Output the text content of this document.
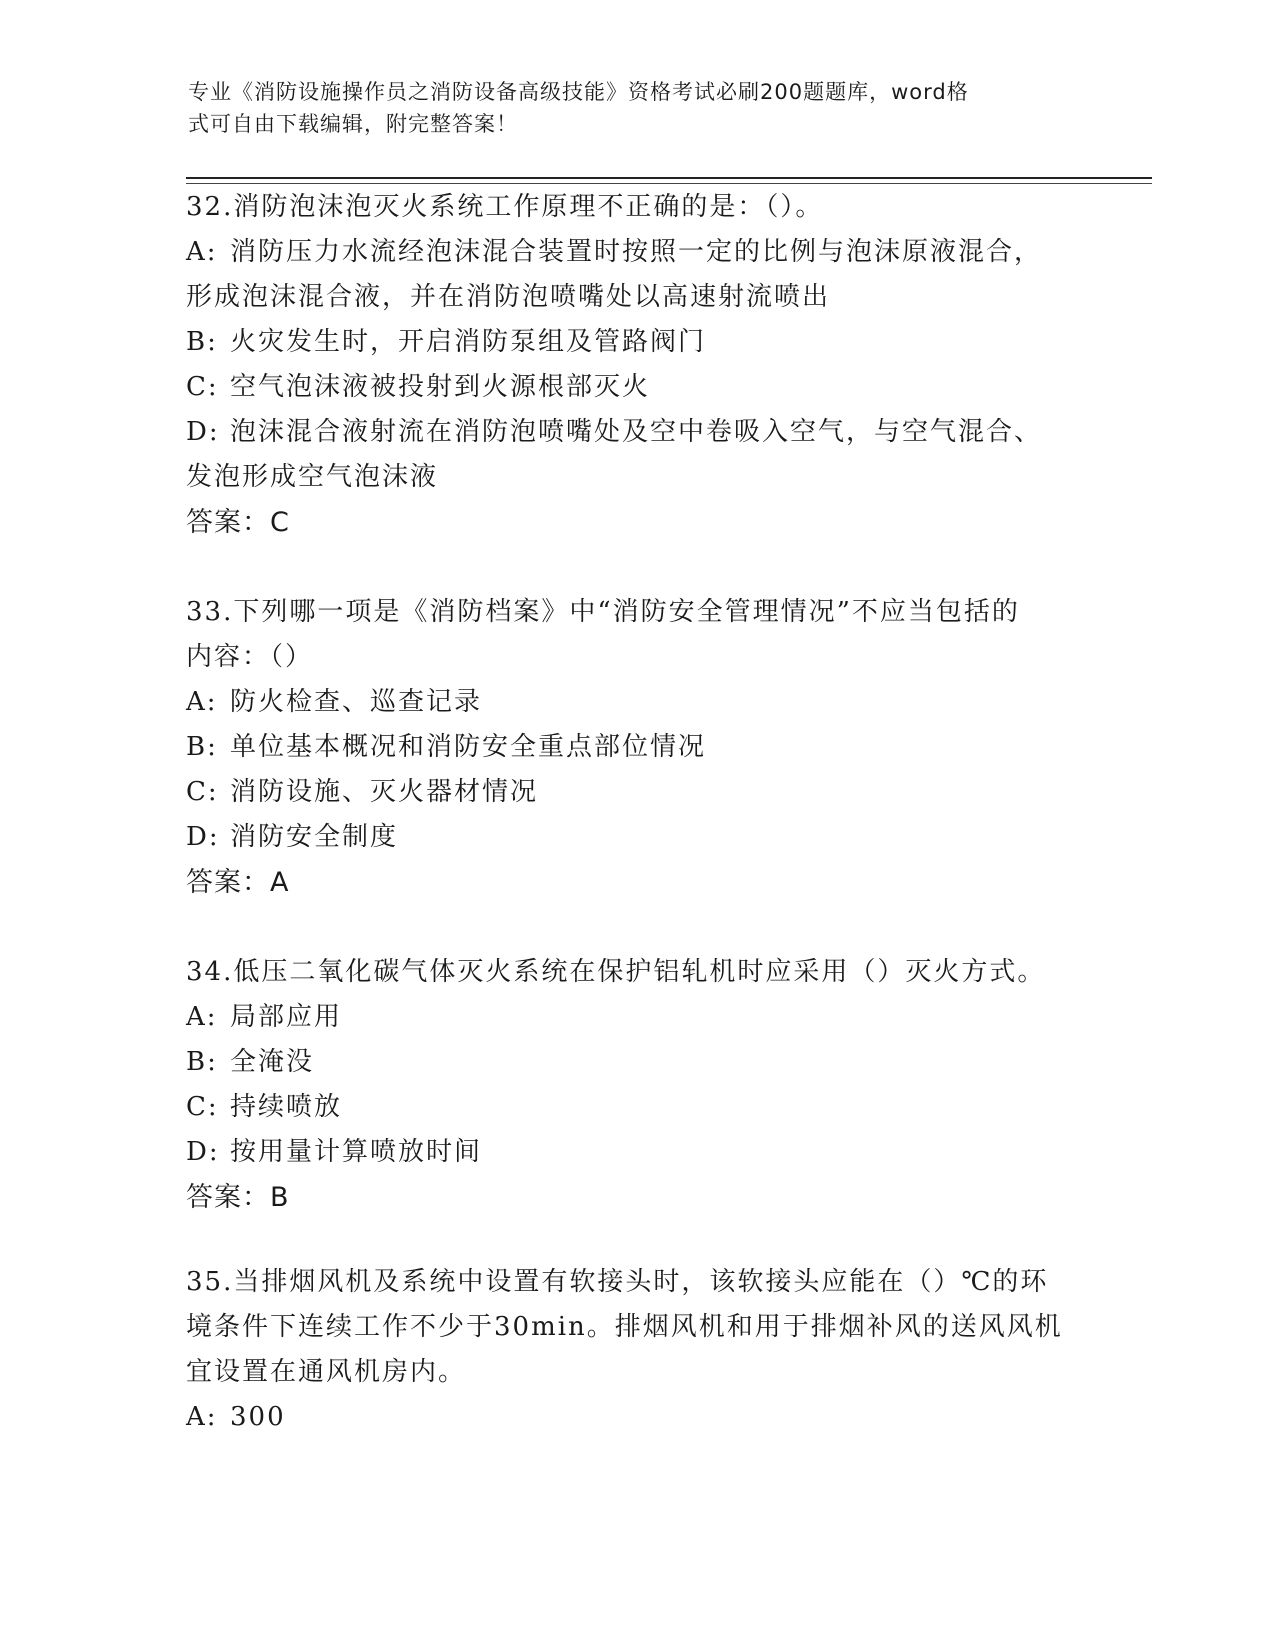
专业《消防设施操作员之消防设备高级技能》资格考试必刷200题题库，word格
式可自由下载编辑，附完整答案！
32.消防泡沫泡灭火系统工作原理不正确的是：（）。
A: 消防压力水流经泡沫混合装置时按照一定的比例与泡沫原液混合，
形成泡沫混合液，并在消防泡喷嘴处以高速射流喷出
B: 火灾发生时，开启消防泵组及管路阀门
C: 空气泡沫液被投射到火源根部灭火
D: 泡沫混合液射流在消防泡喷嘴处及空中卷吸入空气，与空气混合、
发泡形成空气泡沫液
答案：C
33.下列哪一项是《消防档案》中“消防安全管理情况”不应当包括的
内容：（）
A: 防火检查、巡查记录
B: 单位基本概况和消防安全重点部位情况
C: 消防设施、灭火器材情况
D: 消防安全制度
答案：A
34.低压二氧化碳气体灭火系统在保护铝轧机时应采用（）灭火方式。
A: 局部应用
B: 全淹没
C: 持续喷放
D: 按用量计算喷放时间
答案：B
35.当排烟风机及系统中设置有软接头时，该软接头应能在（）℃的环
境条件下连续工作不少于30min。排烟风机和用于排烟补风的送风风机
宜设置在通风机房内。
A: 300
